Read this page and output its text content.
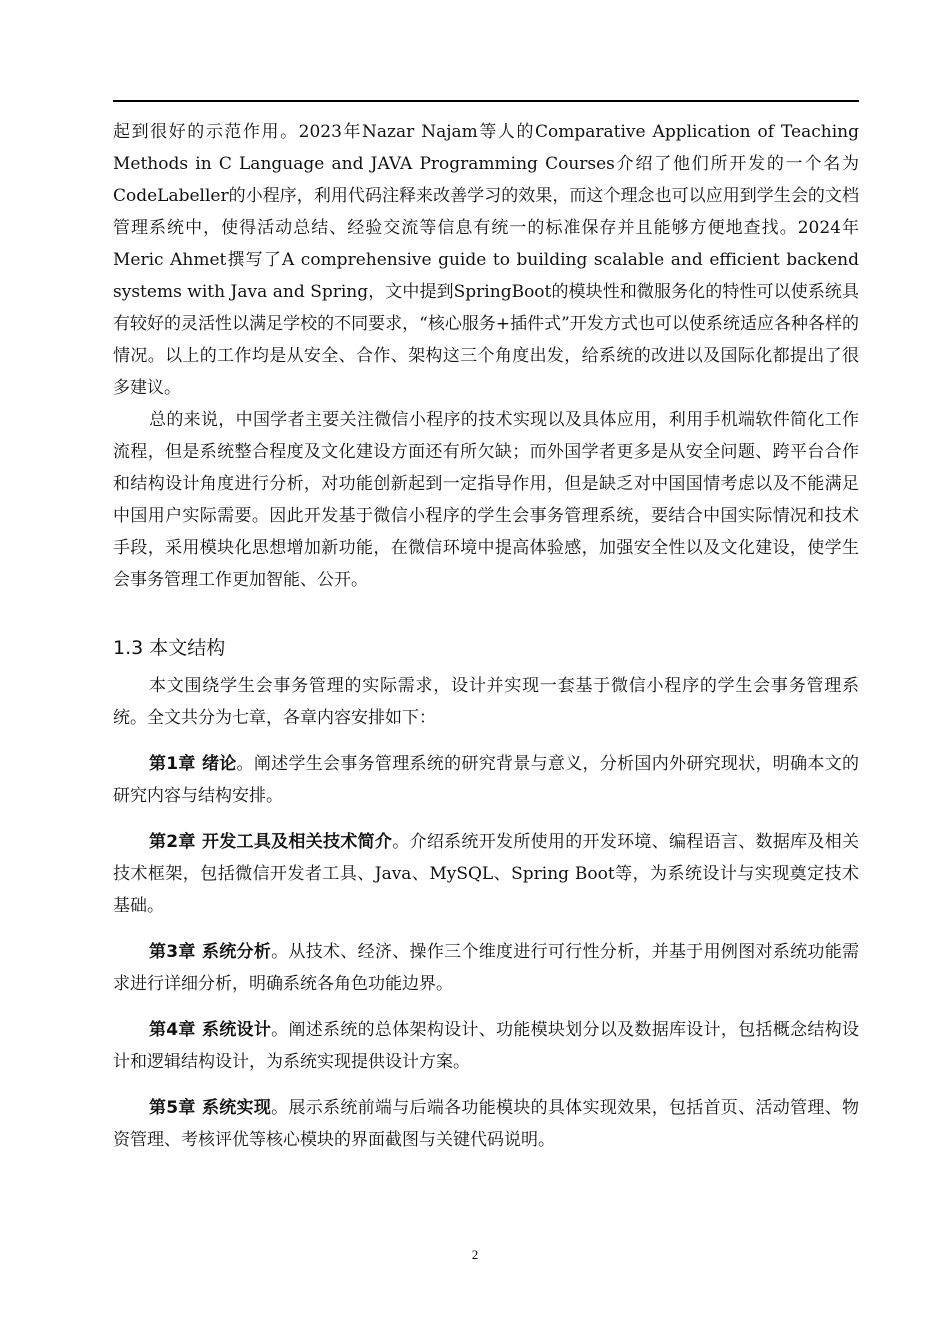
起到很好的示范作用。2023年Nazar Najam等人的Comparative Application of Teaching Methods in C Language and JAVA Programming Courses介绍了他们所开发的一个名为CodeLabeller的小程序，利用代码注释来改善学习的效果，而这个理念也可以应用到学生会的文档管理系统中，使得活动总结、经验交流等信息有统一的标准保存并且能够方便地查找。2024年Meric Ahmet撰写了A comprehensive guide to building scalable and efficient backend systems with Java and Spring，文中提到SpringBoot的模块性和微服务化的特性可以使系统具有较好的灵活性以满足学校的不同要求，“核心服务+插件式”开发方式也可以使系统适应各种各样的情况。以上的工作均是从安全、合作、架构这三个角度出发，给系统的改进以及国际化都提出了很多建议。

总的来说，中国学者主要关注微信小程序的技术实现以及具体应用，利用手机端软件简化工作流程，但是系统整合程度及文化建设方面还有所欠缺；而外国学者更多是从安全问题、跨平台合作和结构设计角度进行分析，对功能创新起到一定指导作用，但是缺乏对中国国情考虑以及不能满足中国用户实际需要。因此开发基于微信小程序的学生会事务管理系统，要结合中国实际情况和技术手段，采用模块化思想增加新功能，在微信环境中提高体验感，加强安全性以及文化建设，使学生会事务管理工作更加智能、公开。

1.3 本文结构

本文围绕学生会事务管理的实际需求，设计并实现一套基于微信小程序的学生会事务管理系统。全文共分为七章，各章内容安排如下：

第1章 绪论。阐述学生会事务管理系统的研究背景与意义，分析国内外研究现状，明确本文的研究内容与结构安排。

第2章 开发工具及相关技术简介。介绍系统开发所使用的开发环境、编程语言、数据库及相关技术框架，包括微信开发者工具、Java、MySQL、Spring Boot等，为系统设计与实现奠定技术基础。

第3章 系统分析。从技术、经济、操作三个维度进行可行性分析，并基于用例图对系统功能需求进行详细分析，明确系统各角色功能边界。

第4章 系统设计。阐述系统的总体架构设计、功能模块划分以及数据库设计，包括概念结构设计和逻辑结构设计，为系统实现提供设计方案。

第5章 系统实现。展示系统前端与后端各功能模块的具体实现效果，包括首页、活动管理、物资管理、考核评优等核心模块的界面截图与关键代码说明。

2
